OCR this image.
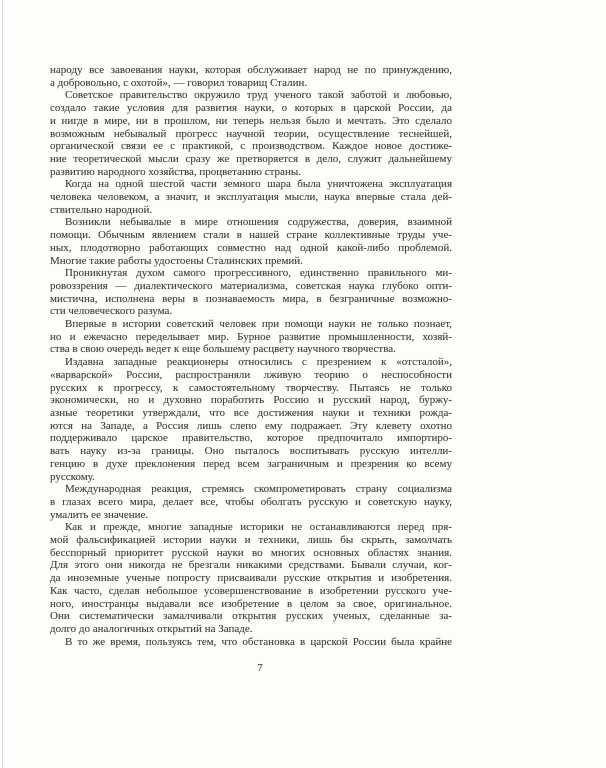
народу все завоевания науки, которая обслуживает народ не по принуждению,
а добровольно, с охотой», — говорил товарищ Сталин.
Советское правительство окружило труд ученого такой заботой и любовью,
создало такие условия для развития науки, о которых в царской России, да
и нигде в мире, ни в прошлом, ни теперь нельзя было и мечтать. Это сделало
возможным небывалый прогресс научной теории, осуществление теснейшей,
органической связи ее с практикой, с производством. Каждое новое достиже-
ние теоретической мысли сразу же претворяется в дело, служит дальнейшему
развитию народного хозяйства, процветанию страны.
Когда на одной шестой части земного шара была уничтожена эксплуатация
человека человеком, а значит, и эксплуатация мысли, наука впервые стала дей-
ствительно народной.
Возникли небывалые в мире отношения содружества, доверия, взаимной
помощи. Обычным явлением стали в нашей стране коллективные труды уче-
ных, плодотворно работающих совместно над одной какой-либо проблемой.
Многие такие работы удостоены Сталинских премий.
Проникнутая духом самого прогрессивного, единственно правильного ми-
ровоззрения — диалектического материализма, советская наука глубоко опти-
мистична, исполнена веры в познаваемость мира, в безграничные возможно-
сти человеческого разума.
Впервые в истории советский человек при помощи науки не только познает,
но и ежечасно переделывает мир. Бурное развитие промышленности, хозяй-
ства в свою очередь ведет к еще большему расцвету научного творчества.
Издавна западные реакционеры относились с презрением к «отсталой»,
«варварской» России, распространяли лживую теорию о неспособности
русских к прогрессу, к самостоятельному творчеству. Пытаясь не только
экономически, но и духовно поработить Россию и русский народ, буржу-
азные теоретики утверждали, что все достижения науки и техники рожда-
ются на Западе, а Россия лишь слепо ему подражает. Эту клевету охотно
поддерживало царское правительство, которое предпочитало импортиро-
вать науку из-за границы. Оно пыталось воспитывать русскую интелли-
генцию в духе преклонения перед всем заграничным и презрения ко всему
русскому.
Международная реакция, стремясь скомпрометировать страну социализма
в глазах всего мира, делает все, чтобы оболгать русскую и советскую науку,
умалить ее значение.
Как и прежде, многие западные историки не останавливаются перед пря-
мой фальсификацией истории науки и техники, лишь бы скрыть, замолчать
бесспорный приоритет русской науки во многих основных областях знания.
Для этого они никогда не брезгали никакими средствами. Бывали случаи, ког-
да иноземные ученые попросту присваивали русские открытия и изобретения.
Как часто, сделав небольшое усовершенствование в изобретении русского уче-
ного, иностранцы выдавали все изобретение в целом за свое, оригинальное.
Они систематически замалчивали открытия русских ученых, сделанные за-
долго до аналогичных открытий на Западе.
В то же время, пользуясь тем, что обстановка в царской России была крайне
7
